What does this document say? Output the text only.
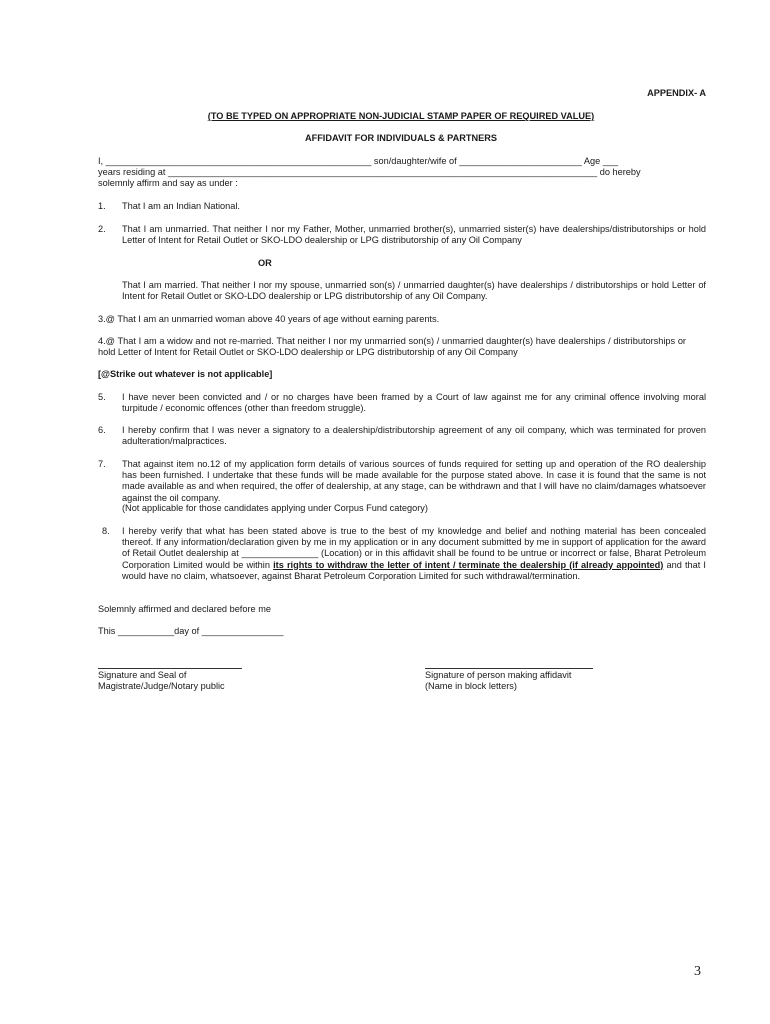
APPENDIX- A
(TO BE TYPED ON APPROPRIATE NON-JUDICIAL STAMP PAPER OF REQUIRED VALUE)
AFFIDAVIT FOR INDIVIDUALS & PARTNERS
I, ____________________________________________________ son/daughter/wife of ________________________ Age ___
years residing at ____________________________________________________________________________________ do hereby
solemnly affirm and say as under :
1. That I am an Indian National.
2. That I am unmarried. That neither I nor my Father, Mother, unmarried brother(s), unmarried sister(s) have dealerships/distributorships or hold Letter of Intent for Retail Outlet or SKO-LDO dealership or LPG distributorship of any Oil Company
OR
That I am married. That neither I nor my spouse, unmarried son(s) / unmarried daughter(s) have dealerships / distributorships or hold Letter of Intent for Retail Outlet or SKO-LDO dealership or LPG distributorship of any Oil Company.
3.@ That I am an unmarried woman above 40 years of age without earning parents.
4.@ That I am a widow and not re-married. That neither I nor my unmarried son(s) / unmarried daughter(s) have dealerships / distributorships or hold Letter of Intent for Retail Outlet or SKO-LDO dealership or LPG distributorship of any Oil Company
[@Strike out whatever is not applicable]
5. I have never been convicted and / or no charges have been framed by a Court of law against me for any criminal offence involving moral turpitude / economic offences (other than freedom struggle).
6. I hereby confirm that I was never a signatory to a dealership/distributorship agreement of any oil company, which was terminated for proven adulteration/malpractices.
7. That against item no.12 of my application form details of various sources of funds required for setting up and operation of the RO dealership has been furnished. I undertake that these funds will be made available for the purpose stated above. In case it is found that the same is not made available as and when required, the offer of dealership, at any stage, can be withdrawn and that I will have no claim/damages whatsoever against the oil company.
(Not applicable for those candidates applying under Corpus Fund category)
8. I hereby verify that what has been stated above is true to the best of my knowledge and belief and nothing material has been concealed thereof. If any information/declaration given by me in my application or in any document submitted by me in support of application for the award of Retail Outlet dealership at _______________ (Location) or in this affidavit shall be found to be untrue or incorrect or false, Bharat Petroleum Corporation Limited would be within its rights to withdraw the letter of intent / terminate the dealership (if already appointed) and that I would have no claim, whatsoever, against Bharat Petroleum Corporation Limited for such withdrawal/termination.
Solemnly affirmed and declared before me
This ___________day of ________________
Signature and Seal of
Magistrate/Judge/Notary public
Signature of person making affidavit
(Name in block letters)
3
